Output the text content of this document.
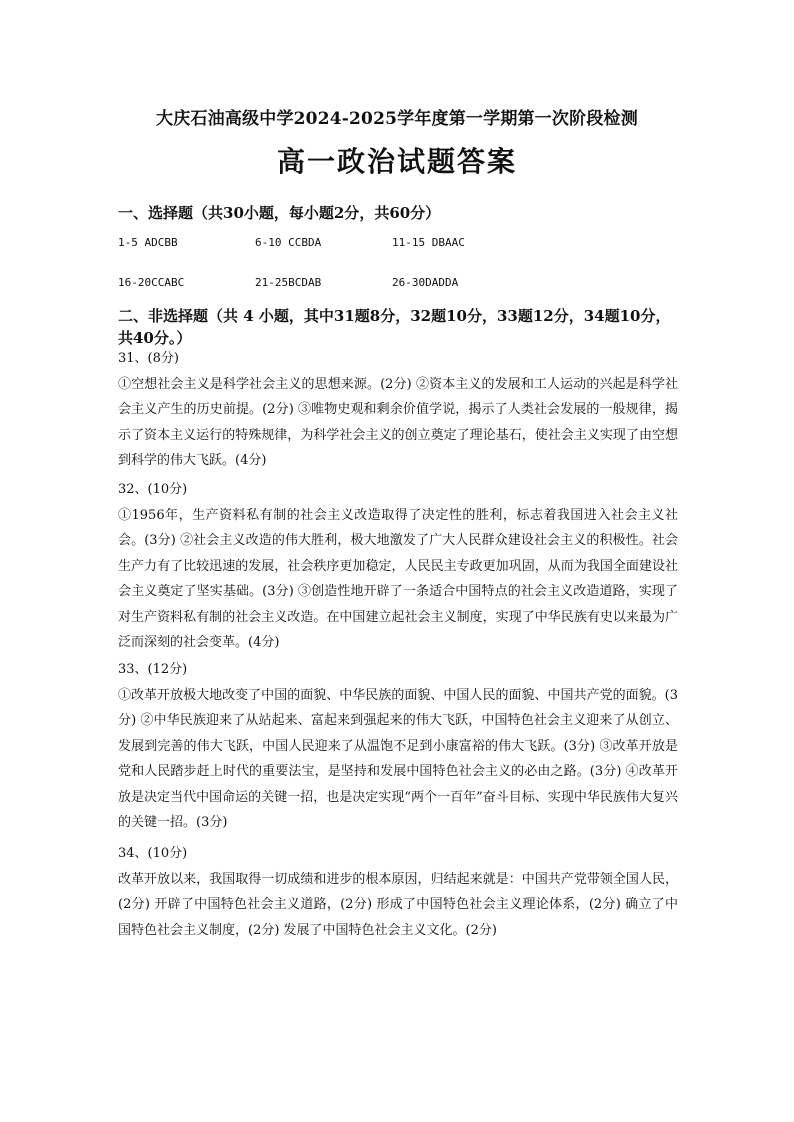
大庆石油高级中学2024-2025学年度第一学期第一次阶段检测
高一政治试题答案
一、选择题（共30小题，每小题2分，共60分）
1-5 ADCBB	6-10 CCBDA	11-15 DBAAC
16-20CCABC	21-25BCDAB	26-30DADDA
二、非选择题（共 4 小题，其中31题8分，32题10分，33题12分，34题10分，共40分。）
31、(8分)
①空想社会主义是科学社会主义的思想来源。(2分) ②资本主义的发展和工人运动的兴起是科学社会主义产生的历史前提。(2分) ③唯物史观和剩余价值学说，揭示了人类社会发展的一般规律，揭示了资本主义运行的特殊规律，为科学社会主义的创立奠定了理论基石，使社会主义实现了由空想到科学的伟大飞跃。(4分)
32、(10分)
①1956年，生产资料私有制的社会主义改造取得了决定性的胜利，标志着我国进入社会主义社会。(3分) ②社会主义改造的伟大胜利，极大地激发了广大人民群众建设社会主义的积极性。社会生产力有了比较迅速的发展，社会秩序更加稳定，人民民主专政更加巩固，从而为我国全面建设社会主义奠定了坚实基础。(3分) ③创造性地开辟了一条适合中国特点的社会主义改造道路，实现了对生产资料私有制的社会主义改造。在中国建立起社会主义制度，实现了中华民族有史以来最为广泛而深刻的社会变革。(4分)
33、(12分)
①改革开放极大地改变了中国的面貌、中华民族的面貌、中国人民的面貌、中国共产党的面貌。(3分) ②中华民族迎来了从站起来、富起来到强起来的伟大飞跃，中国特色社会主义迎来了从创立、发展到完善的伟大飞跃，中国人民迎来了从温饱不足到小康富裕的伟大飞跃。(3分) ③改革开放是党和人民踏步赶上时代的重要法宝，是坚持和发展中国特色社会主义的必由之路。(3分) ④改革开放是决定当代中国命运的关键一招，也是决定实现“两个一百年”奋斗目标、实现中华民族伟大复兴的关键一招。(3分)
34、(10分)
改革开放以来，我国取得一切成绩和进步的根本原因，归结起来就是：中国共产党带领全国人民，(2分) 开辟了中国特色社会主义道路，(2分) 形成了中国特色社会主义理论体系，(2分) 确立了中国特色社会主义制度，(2分) 发展了中国特色社会主义文化。(2分)
